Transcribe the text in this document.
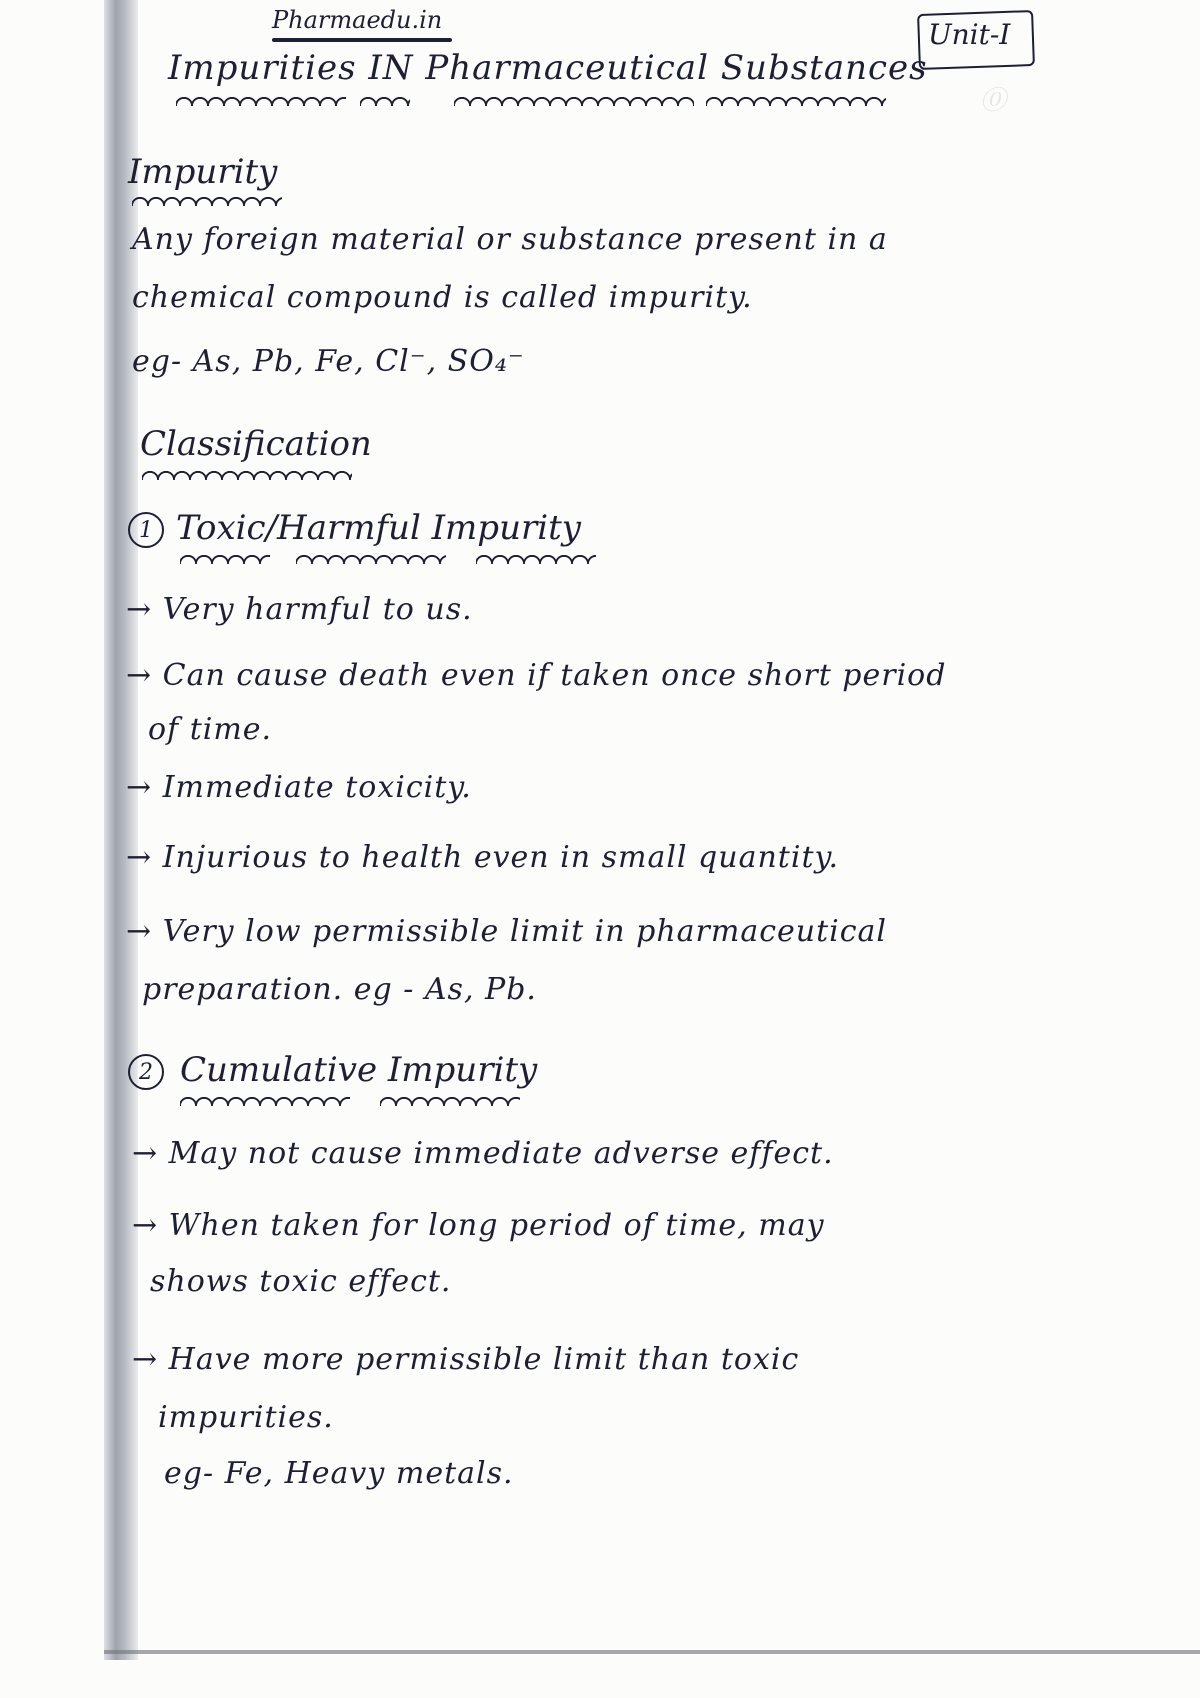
⓪
Pharmaedu.in	Unit-I
Impurities IN Pharmaceutical Substances
Impurity
Any foreign material or substance present in a
chemical compound is called impurity.
eg- As, Pb, Fe, Cl⁻, SO₄⁻
Classification
1 Toxic/Harmful Impurity
→ Very harmful to us.
→ Can cause death even if taken once short period
of time.
→ Immediate toxicity.
→ Injurious to health even in small quantity.
→ Very low permissible limit in pharmaceutical
preparation. eg - As, Pb.
2 Cumulative Impurity
→ May not cause immediate adverse effect.
→ When taken for long period of time, may
shows toxic effect.
→ Have more permissible limit than toxic
impurities.
eg- Fe, Heavy metals.
